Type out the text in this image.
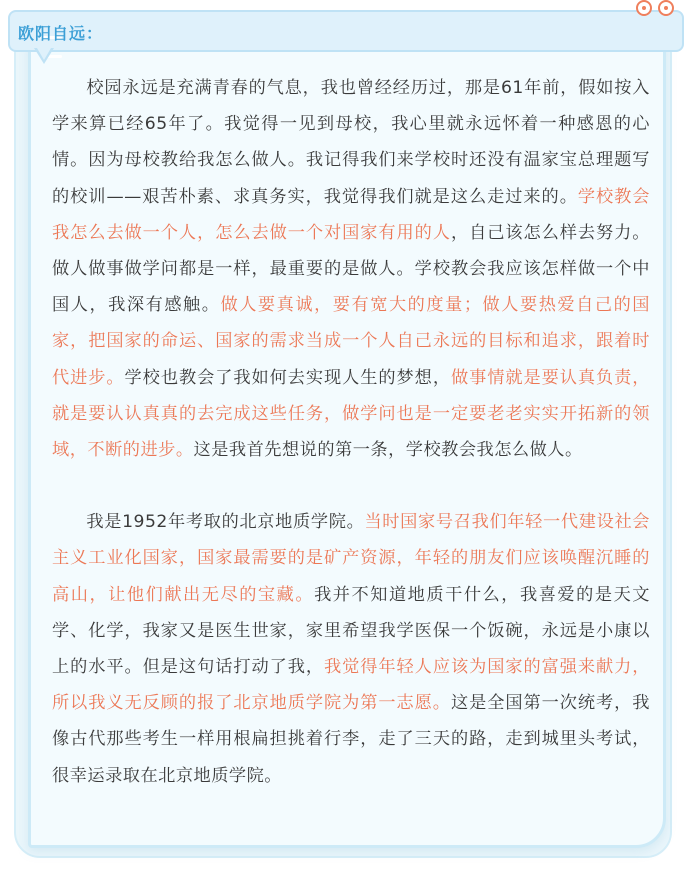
欧阳自远：

校园永远是充满青春的气息，我也曾经经历过，那是61年前，假如按入学来算已经65年了。我觉得一见到母校，我心里就永远怀着一种感恩的心情。因为母校教给我怎么做人。我记得我们来学校时还没有温家宝总理题写的校训——艰苦朴素、求真务实，我觉得我们就是这么走过来的。学校教会我怎么去做一个人，怎么去做一个对国家有用的人，自己该怎么样去努力。做人做事做学问都是一样，最重要的是做人。学校教会我应该怎样做一个中国人，我深有感触。做人要真诚，要有宽大的度量；做人要热爱自己的国家，把国家的命运、国家的需求当成一个人自己永远的目标和追求，跟着时代进步。学校也教会了我如何去实现人生的梦想，做事情就是要认真负责，就是要认认真真的去完成这些任务，做学问也是一定要老老实实开拓新的领域，不断的进步。这是我首先想说的第一条，学校教会我怎么做人。

我是1952年考取的北京地质学院。当时国家号召我们年轻一代建设社会主义工业化国家，国家最需要的是矿产资源，年轻的朋友们应该唤醒沉睡的高山，让他们献出无尽的宝藏。我并不知道地质干什么，我喜爱的是天文学、化学，我家又是医生世家，家里希望我学医保一个饭碗，永远是小康以上的水平。但是这句话打动了我，我觉得年轻人应该为国家的富强来献力，所以我义无反顾的报了北京地质学院为第一志愿。这是全国第一次统考，我像古代那些考生一样用根扁担挑着行李，走了三天的路，走到城里头考试，很幸运录取在北京地质学院。
